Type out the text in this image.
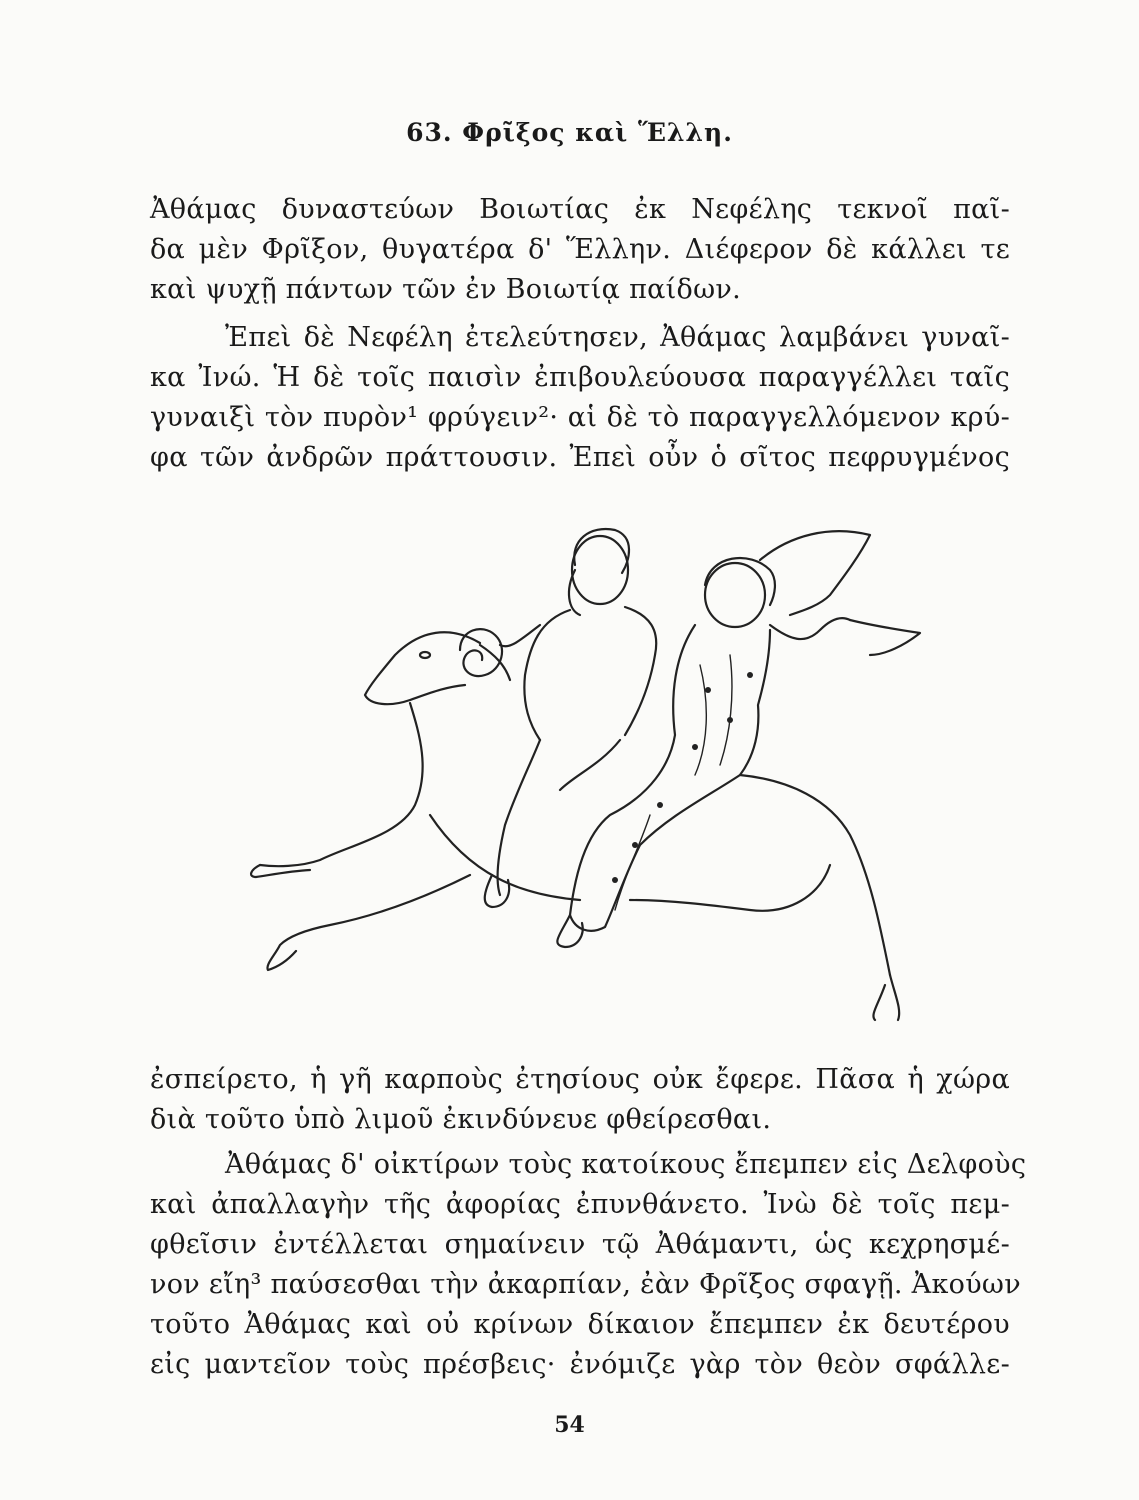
63. Φρῖξος καὶ Ἕλλη.
Ἀθάμας δυναστεύων Βοιωτίας ἐκ Νεφέλης τεκνοῖ παῖ-
δα μὲν Φρῖξον, θυγατέρα δ' Ἕλλην. Διέφερον δὲ κάλλει τε
καὶ ψυχῇ πάντων τῶν ἐν Βοιωτίᾳ παίδων.
Ἐπεὶ δὲ Νεφέλη ἐτελεύτησεν, Ἀθάμας λαμβάνει γυναῖ-
κα Ἰνώ. Ἡ δὲ τοῖς παισὶν ἐπιβουλεύουσα παραγγέλλει ταῖς
γυναιξὶ τὸν πυρὸν¹ φρύγειν²· αἱ δὲ τὸ παραγγελλόμενον κρύ-
φα τῶν ἀνδρῶν πράττουσιν. Ἐπεὶ οὖν ὁ σῖτος πεφρυγμένος
ἐσπείρετο, ἡ γῆ καρποὺς ἐτησίους οὐκ ἔφερε. Πᾶσα ἡ χώρα
διὰ τοῦτο ὑπὸ λιμοῦ ἐκινδύνευε φθείρεσθαι.
Ἀθάμας δ' οἰκτίρων τοὺς κατοίκους ἔπεμπεν εἰς Δελφοὺς
καὶ ἀπαλλαγὴν τῆς ἀφορίας ἐπυνθάνετο. Ἰνὼ δὲ τοῖς πεμ-
φθεῖσιν ἐντέλλεται σημαίνειν τῷ Ἀθάμαντι, ὡς κεχρησμέ-
νον εἴη³ παύσεσθαι τὴν ἀκαρπίαν, ἐὰν Φρῖξος σφαγῇ. Ἀκούων
τοῦτο Ἀθάμας καὶ οὐ κρίνων δίκαιον ἔπεμπεν ἐκ δευτέρου
εἰς μαντεῖον τοὺς πρέσβεις· ἐνόμιζε γὰρ τὸν θεὸν σφάλλε-
54
